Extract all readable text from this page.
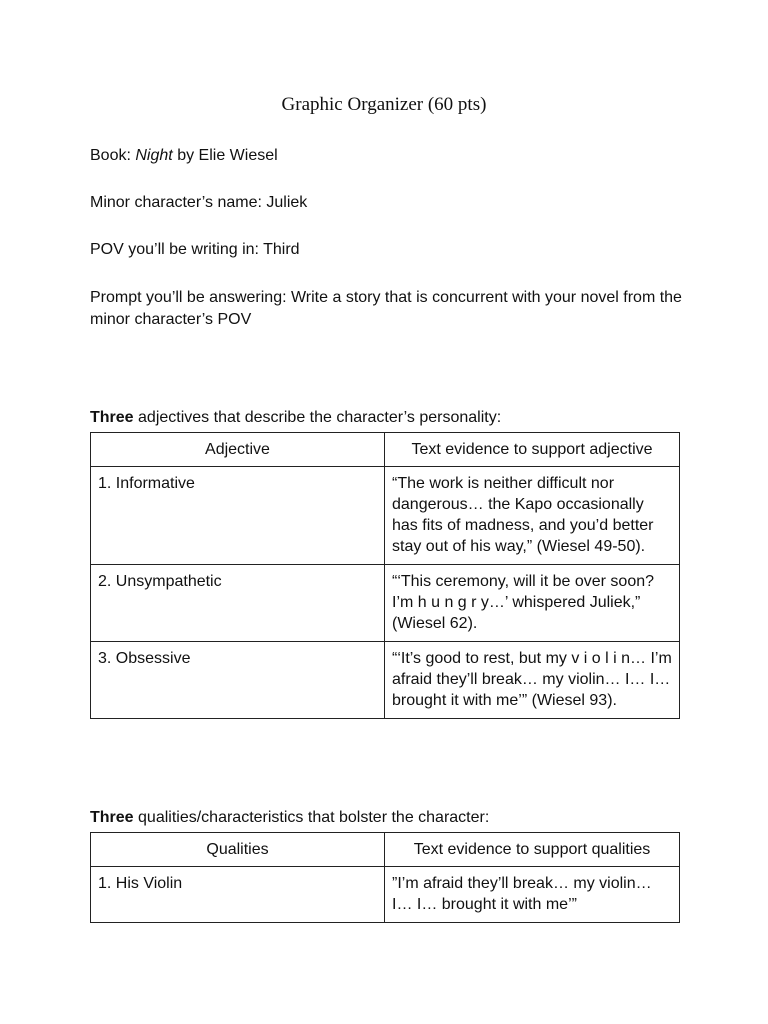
Graphic Organizer (60 pts)
Book: Night by Elie Wiesel
Minor character’s name: Juliek
POV you’ll be writing in: Third
Prompt you’ll be answering: Write a story that is concurrent with your novel from the minor character’s POV
Three adjectives that describe the character’s personality:
Adjective	Text evidence to support adjective
1. Informative	“The work is neither difficult nor dangerous… the Kapo occasionally has fits of madness, and you’d better stay out of his way,” (Wiesel 49-50).
2. Unsympathetic	“‘This ceremony, will it be over soon? I’m h u n g r y…’ whispered Juliek,” (Wiesel 62).
3. Obsessive	“‘It’s good to rest, but my v i o l i n… I’m afraid they’ll break… my violin… I… I… brought it with me’” (Wiesel 93).
Three qualities/characteristics that bolster the character:
Qualities	Text evidence to support qualities
1. His Violin	”I’m afraid they’ll break… my violin… I… I… brought it with me’”
